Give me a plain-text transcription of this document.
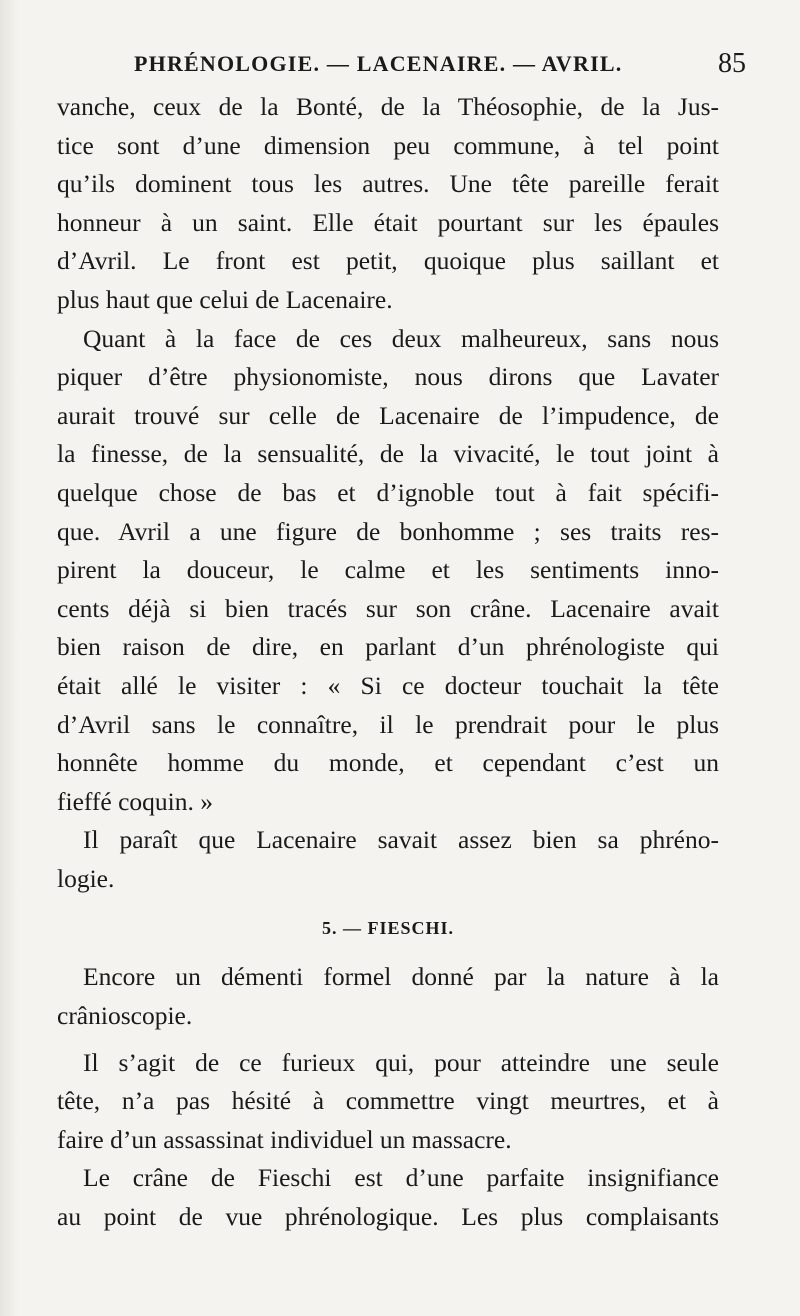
PHRÉNOLOGIE. — LACENAIRE. — AVRIL.	85
vanche, ceux de la Bonté, de la Théosophie, de la Jus-
tice sont d’une dimension peu commune, à tel point
qu’ils dominent tous les autres. Une tête pareille ferait
honneur à un saint. Elle était pourtant sur les épaules
d’Avril. Le front est petit, quoique plus saillant et
plus haut que celui de Lacenaire.
Quant à la face de ces deux malheureux, sans nous
piquer d’être physionomiste, nous dirons que Lavater
aurait trouvé sur celle de Lacenaire de l’impudence, de
la finesse, de la sensualité, de la vivacité, le tout joint à
quelque chose de bas et d’ignoble tout à fait spécifi-
que. Avril a une figure de bonhomme ; ses traits res-
pirent la douceur, le calme et les sentiments inno-
cents déjà si bien tracés sur son crâne. Lacenaire avait
bien raison de dire, en parlant d’un phrénologiste qui
était allé le visiter : « Si ce docteur touchait la tête
d’Avril sans le connaître, il le prendrait pour le plus
honnête homme du monde, et cependant c’est un
fieffé coquin. »
Il paraît que Lacenaire savait assez bien sa phréno-
logie.
5. — FIESCHI.
Encore un démenti formel donné par la nature à la
crânioscopie.
Il s’agit de ce furieux qui, pour atteindre une seule
tête, n’a pas hésité à commettre vingt meurtres, et à
faire d’un assassinat individuel un massacre.
Le crâne de Fieschi est d’une parfaite insignifiance
au point de vue phrénologique. Les plus complaisants
